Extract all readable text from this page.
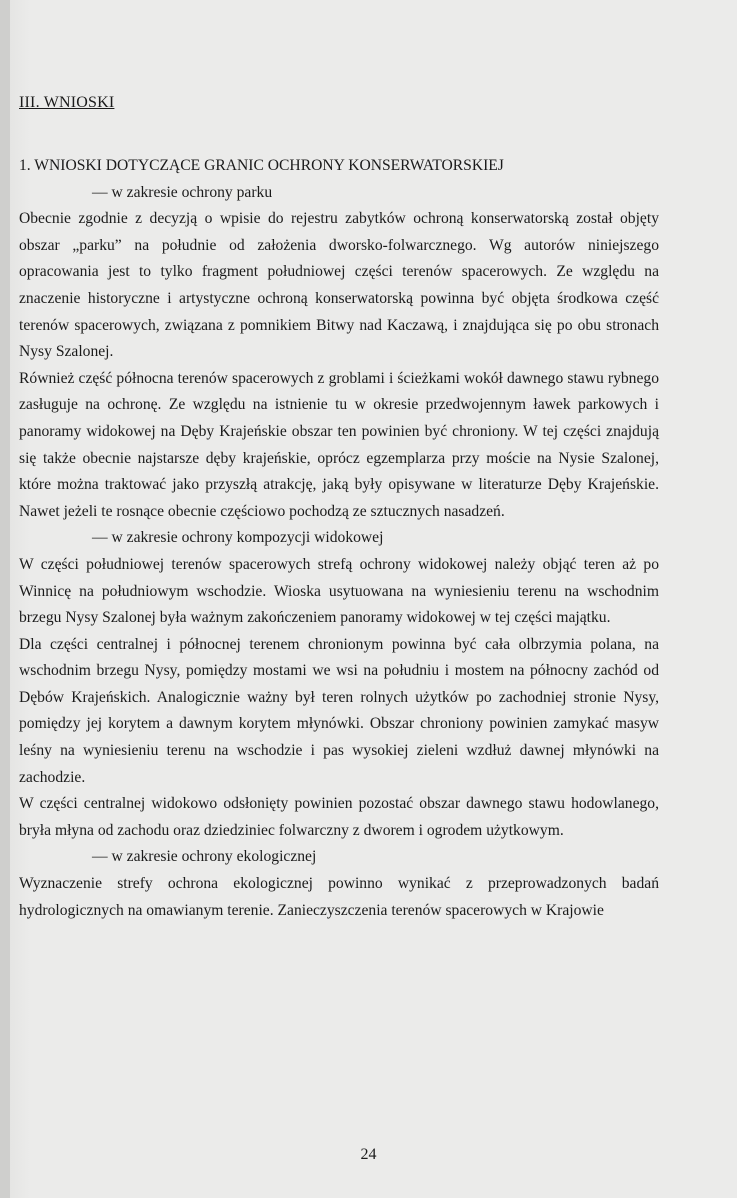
III. WNIOSKI

1. WNIOSKI DOTYCZĄCE GRANIC OCHRONY KONSERWATORSKIEJ

— w zakresie ochrony parku

Obecnie zgodnie z decyzją o wpisie do rejestru zabytków ochroną konserwatorską został objęty obszar „parku” na południe od założenia dworsko-folwarcznego. Wg autorów niniejszego opracowania jest to tylko fragment południowej części terenów spacerowych. Ze względu na znaczenie historyczne i artystyczne ochroną konserwatorską powinna być objęta środkowa część terenów spacerowych, związana z pomnikiem Bitwy nad Kaczawą, i znajdująca się po obu stronach Nysy Szalonej.

Również część północna terenów spacerowych z groblami i ścieżkami wokół dawnego stawu rybnego zasługuje na ochronę. Ze względu na istnienie tu w okresie przedwojennym ławek parkowych i panoramy widokowej na Dęby Krajeńskie obszar ten powinien być chroniony. W tej części znajdują się także obecnie najstarsze dęby krajeńskie, oprócz egzemplarza przy moście na Nysie Szalonej, które można traktować jako przyszłą atrakcję, jaką były opisywane w literaturze Dęby Krajeńskie. Nawet jeżeli te rosnące obecnie częściowo pochodzą ze sztucznych nasadzeń.

— w zakresie ochrony kompozycji widokowej

W części południowej terenów spacerowych strefą ochrony widokowej należy objąć teren aż po Winnicę na południowym wschodzie. Wioska usytuowana na wyniesieniu terenu na wschodnim brzegu Nysy Szalonej była ważnym zakończeniem panoramy widokowej w tej części majątku.

Dla części centralnej i północnej terenem chronionym powinna być cała olbrzymia polana, na wschodnim brzegu Nysy, pomiędzy mostami we wsi na południu i mostem na północny zachód od Dębów Krajeńskich. Analogicznie ważny był teren rolnych użytków po zachodniej stronie Nysy, pomiędzy jej korytem a dawnym korytem młynówki. Obszar chroniony powinien zamykać masyw leśny na wyniesieniu terenu na wschodzie i pas wysokiej zieleni wzdłuż dawnej młynówki na zachodzie.

W części centralnej widokowo odsłonięty powinien pozostać obszar dawnego stawu hodowlanego, bryła młyna od zachodu oraz dziedziniec folwarczny z dworem i ogrodem użytkowym.

— w zakresie ochrony ekologicznej

Wyznaczenie strefy ochrona ekologicznej powinno wynikać z przeprowadzonych badań hydrologicznych na omawianym terenie. Zanieczyszczenia terenów spacerowych w Krajowie

24
